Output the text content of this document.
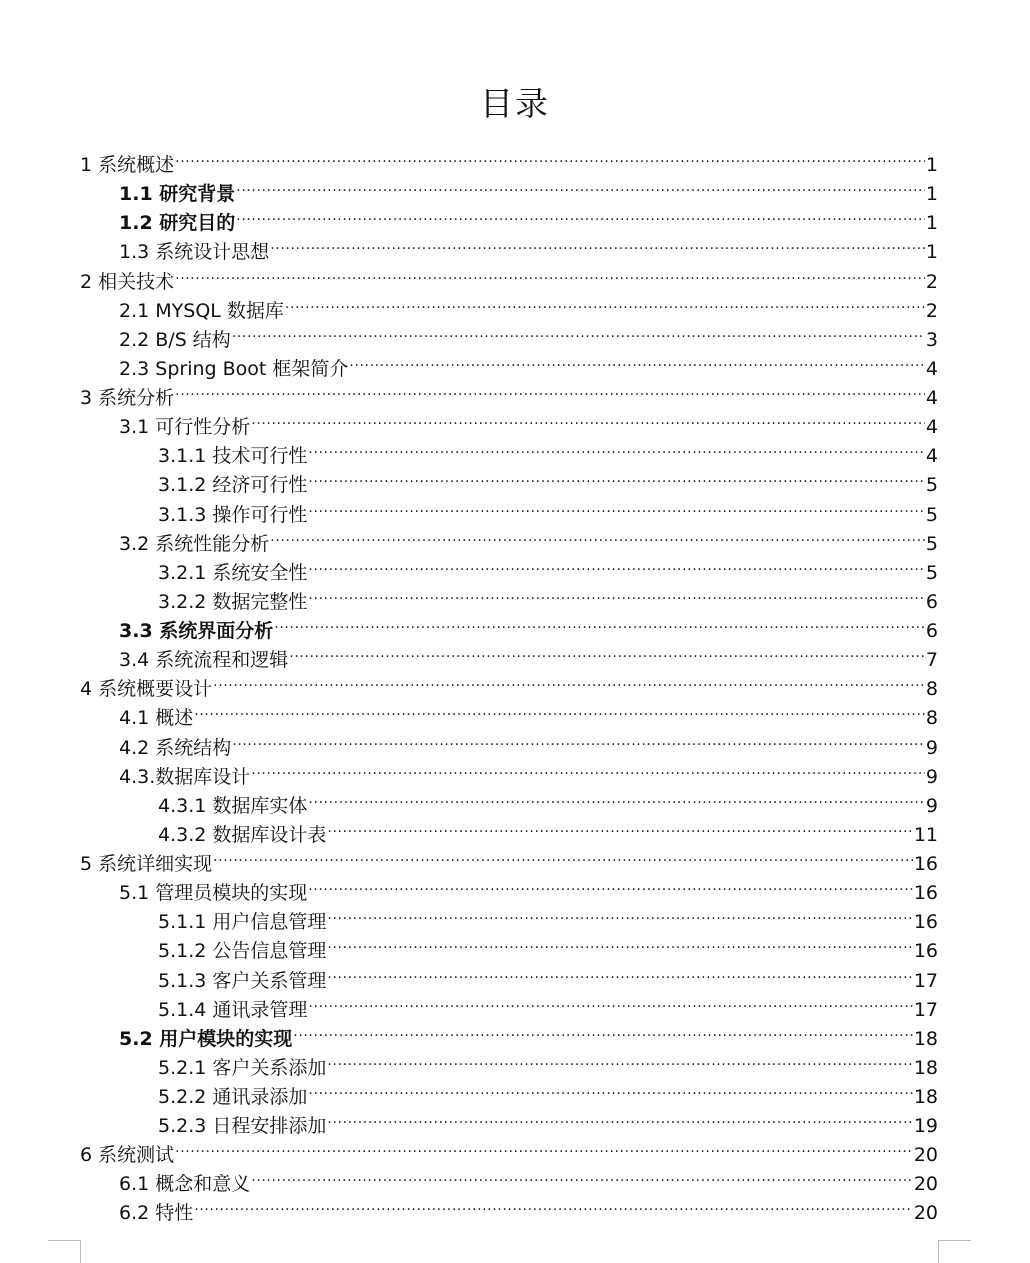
目录
1 系统概述 .....	1
1.1 研究背景 .....	1
1.2 研究目的 .....	1
1.3 系统设计思想 .....	1
2 相关技术 .....	2
2.1 MYSQL 数据库 .....	2
2.2 B/S 结构 .....	3
2.3 Spring Boot 框架简介 .....	4
3 系统分析 .....	4
3.1 可行性分析 .....	4
3.1.1 技术可行性 .....	4
3.1.2 经济可行性 .....	5
3.1.3 操作可行性 .....	5
3.2 系统性能分析 .....	5
3.2.1 系统安全性 .....	5
3.2.2 数据完整性 .....	6
3.3 系统界面分析 .....	6
3.4 系统流程和逻辑 .....	7
4 系统概要设计 .....	8
4.1 概述 .....	8
4.2 系统结构 .....	9
4.3.数据库设计 .....	9
4.3.1 数据库实体 .....	9
4.3.2 数据库设计表 .....	11
5 系统详细实现 .....	16
5.1 管理员模块的实现 .....	16
5.1.1 用户信息管理 .....	16
5.1.2 公告信息管理 .....	16
5.1.3 客户关系管理 .....	17
5.1.4 通讯录管理 .....	17
5.2 用户模块的实现 .....	18
5.2.1 客户关系添加 .....	18
5.2.2 通讯录添加 .....	18
5.2.3 日程安排添加 .....	19
6 系统测试 .....	20
6.1 概念和意义 .....	20
6.2 特性 .....	20
